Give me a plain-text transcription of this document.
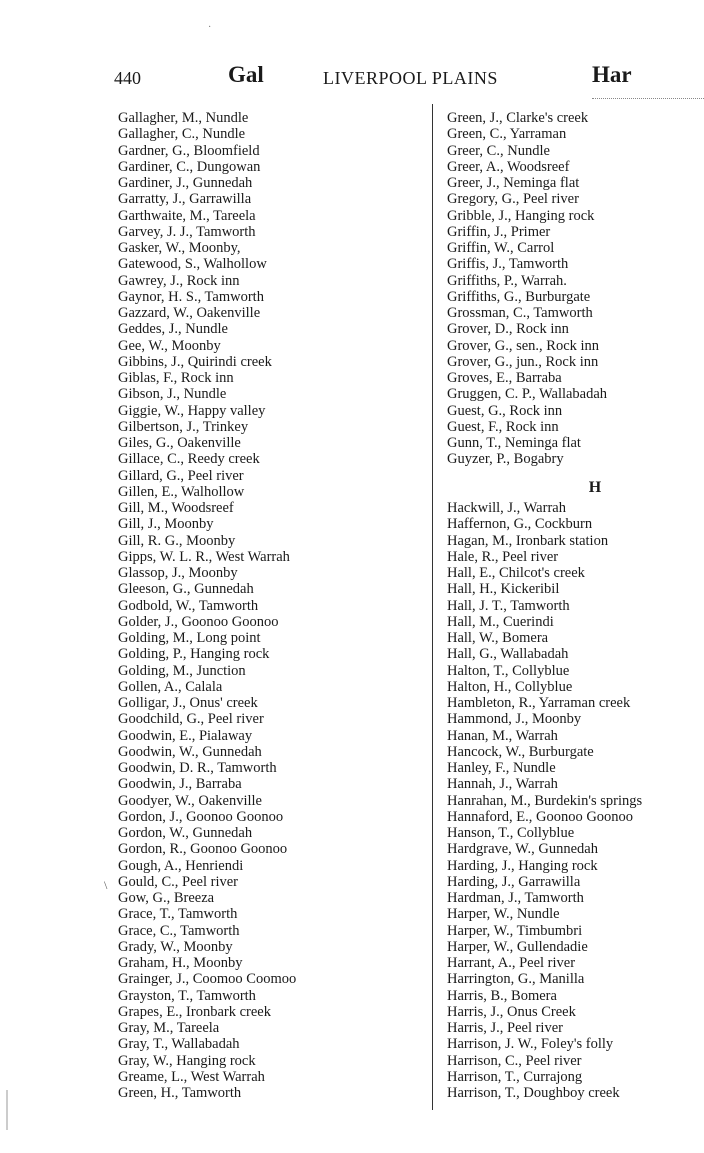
·
440	Gal	LIVERPOOL PLAINS	Har
Gallagher, M., Nundle
Gallagher, C., Nundle
Gardner, G., Bloomfield
Gardiner, C., Dungowan
Gardiner, J., Gunnedah
Garratty, J., Garrawilla
Garthwaite, M., Tareela
Garvey, J. J., Tamworth
Gasker, W., Moonby,
Gatewood, S., Walhollow
Gawrey, J., Rock inn
Gaynor, H. S., Tamworth
Gazzard, W., Oakenville
Geddes, J., Nundle
Gee, W., Moonby
Gibbins, J., Quirindi creek
Giblas, F., Rock inn
Gibson, J., Nundle
Giggie, W., Happy valley
Gilbertson, J., Trinkey
Giles, G., Oakenville
Gillace, C., Reedy creek
Gillard, G., Peel river
Gillen, E., Walhollow
Gill, M., Woodsreef
Gill, J., Moonby
Gill, R. G., Moonby
Gipps, W. L. R., West Warrah
Glassop, J., Moonby
Gleeson, G., Gunnedah
Godbold, W., Tamworth
Golder, J., Goonoo Goonoo
Golding, M., Long point
Golding, P., Hanging rock
Golding, M., Junction
Gollen, A., Calala
Golligar, J., Onus' creek
Goodchild, G., Peel river
Goodwin, E., Pialaway
Goodwin, W., Gunnedah
Goodwin, D. R., Tamworth
Goodwin, J., Barraba
Goodyer, W., Oakenville
Gordon, J., Goonoo Goonoo
Gordon, W., Gunnedah
Gordon, R., Goonoo Goonoo
Gough, A., Henriendi
Gould, C., Peel river
Gow, G., Breeza
Grace, T., Tamworth
Grace, C., Tamworth
Grady, W., Moonby
Graham, H., Moonby
Grainger, J., Coomoo Coomoo
Grayston, T., Tamworth
Grapes, E., Ironbark creek
Gray, M., Tareela
Gray, T., Wallabadah
Gray, W., Hanging rock
Greame, L., West Warrah
Green, H., Tamworth
Green, J., Clarke's creek
Green, C., Yarraman
Greer, C., Nundle
Greer, A., Woodsreef
Greer, J., Neminga flat
Gregory, G., Peel river
Gribble, J., Hanging rock
Griffin, J., Primer
Griffin, W., Carrol
Griffis, J., Tamworth
Griffiths, P., Warrah.
Griffiths, G., Burburgate
Grossman, C., Tamworth
Grover, D., Rock inn
Grover, G., sen., Rock inn
Grover, G., jun., Rock inn
Groves, E., Barraba
Gruggen, C. P., Wallabadah
Guest, G., Rock inn
Guest, F., Rock inn
Gunn, T., Neminga flat
Guyzer, P., Bogabry
H
Hackwill, J., Warrah
Haffernon, G., Cockburn
Hagan, M., Ironbark station
Hale, R., Peel river
Hall, E., Chilcot's creek
Hall, H., Kickeribil
Hall, J. T., Tamworth
Hall, M., Cuerindi
Hall, W., Bomera
Hall, G., Wallabadah
Halton, T., Collyblue
Halton, H., Collyblue
Hambleton, R., Yarraman creek
Hammond, J., Moonby
Hanan, M., Warrah
Hancock, W., Burburgate
Hanley, F., Nundle
Hannah, J., Warrah
Hanrahan, M., Burdekin's springs
Hannaford, E., Goonoo Goonoo
Hanson, T., Collyblue
Hardgrave, W., Gunnedah
Harding, J., Hanging rock
Harding, J., Garrawilla
Hardman, J., Tamworth
Harper, W., Nundle
Harper, W., Timbumbri
Harper, W., Gullendadie
Harrant, A., Peel river
Harrington, G., Manilla
Harris, B., Bomera
Harris, J., Onus Creek
Harris, J., Peel river
Harrison, J. W., Foley's folly
Harrison, C., Peel river
Harrison, T., Currajong
Harrison, T., Doughboy creek
\
